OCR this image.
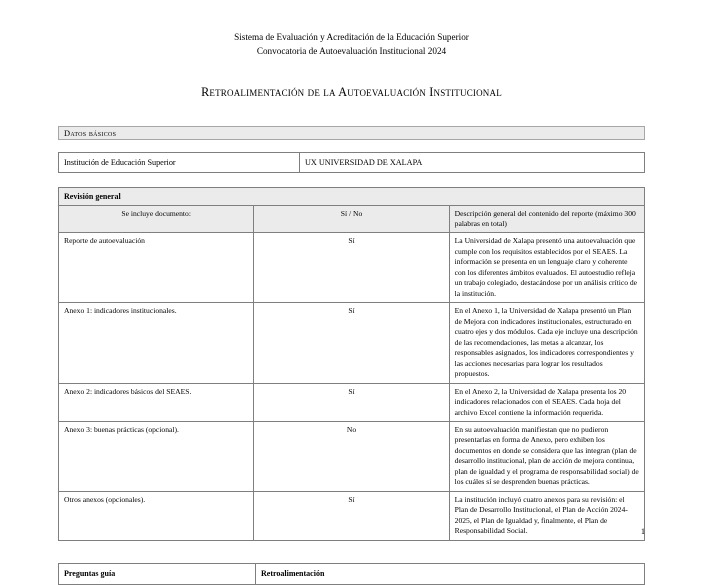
Sistema de Evaluación y Acreditación de la Educación Superior
Convocatoria de Autoevaluación Institucional 2024
Retroalimentación de la Autoevaluación Institucional
Datos básicos
Institución de Educación Superior	UX UNIVERSIDAD DE XALAPA
Revisión general		
Se incluye documento:	Sí / No	Descripción general del contenido del reporte (máximo 300 palabras en total)
Reporte de autoevaluación	Sí	La Universidad de Xalapa presentó una autoevaluación que cumple con los requisitos establecidos por el SEAES. La información se presenta en un lenguaje claro y coherente con los diferentes ámbitos evaluados. El autoestudio refleja un trabajo colegiado, destacándose por un análisis crítico de la institución.
Anexo 1: indicadores institucionales.	Sí	En el Anexo 1, la Universidad de Xalapa presentó un Plan de Mejora con indicadores institucionales, estructurado en cuatro ejes y dos módulos. Cada eje incluye una descripción de las recomendaciones, las metas a alcanzar, los responsables asignados, los indicadores correspondientes y las acciones necesarias para lograr los resultados propuestos.
Anexo 2: indicadores básicos del SEAES.	Sí	En el Anexo 2, la Universidad de Xalapa presenta los 20 indicadores relacionados con el SEAES. Cada hoja del archivo Excel contiene la información requerida.
Anexo 3: buenas prácticas (opcional).	No	En su autoevaluación manifiestan que no pudieron presentarlas en forma de Anexo, pero exhiben los documentos en donde se considera que las integran (plan de desarrollo institucional, plan de acción de mejora continua, plan de igualdad y el programa de responsabilidad social) de los cuáles sí se desprenden buenas prácticas.
Otros anexos (opcionales).	Sí	La institución incluyó cuatro anexos para su revisión: el Plan de Desarrollo Institucional, el Plan de Acción 2024-2025, el Plan de Igualdad y, finalmente, el Plan de Responsabilidad Social.
Preguntas guía	Retroalimentación
1
